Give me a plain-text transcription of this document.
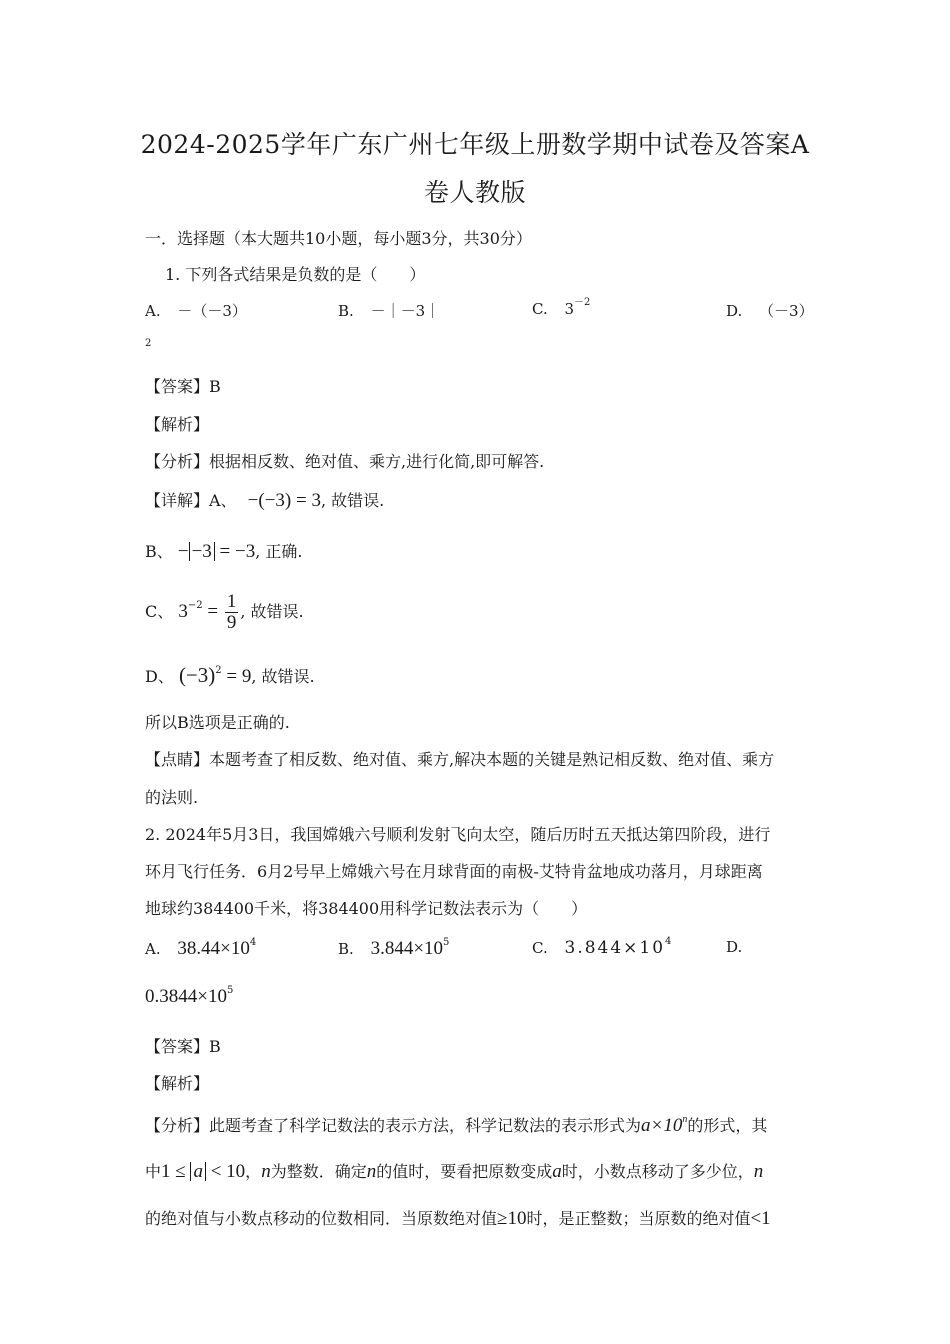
2024-2025学年广东广州七年级上册数学期中试卷及答案A
卷人教版
一．选择题（本大题共10小题，每小题3分，共30分）
1. 下列各式结果是负数的是（　　）
A. －（－3）	B. －｜－3｜	C. $3^{-2}$	D. （－3）
2
【答案】B
【解析】
【分析】根据相反数、绝对值、乘方,进行化简,即可解答.
【详解】A、 −(−3) = 3, 故错误.
B、 − −3 = −3, 正确.
C、 $3^{-2} = \frac{1}{9}$ , 故错误.
D、 $(-3)^2 = 9$, 故错误.
所以B选项是正确的.
【点睛】本题考查了相反数、绝对值、乘方,解决本题的关键是熟记相反数、绝对值、乘方
的法则.
2. 2024年5月3日，我国嫦娥六号顺利发射飞向太空，随后历时五天抵达第四阶段，进行
环月飞行任务．6月2号早上嫦娥六号在月球背面的南极-艾特肯盆地成功落月，月球距离
地球约384400千米，将384400用科学记数法表示为（　　）
A. $38.44\times 10^4$	B. $3.844\times 10^5$	C. $3.844\times 10^4$	D.
$0.3844\times 10^5$
【答案】B
【解析】
【分析】此题考查了科学记数法的表示方法，科学记数法的表示形式为$a\times 10^n$的形式，其
中1 ≤ a < 10，n为整数．确定n的值时，要看把原数变成a时，小数点移动了多少位，n
的绝对值与小数点移动的位数相同．当原数绝对值≥10时，是正整数；当原数的绝对值<1
